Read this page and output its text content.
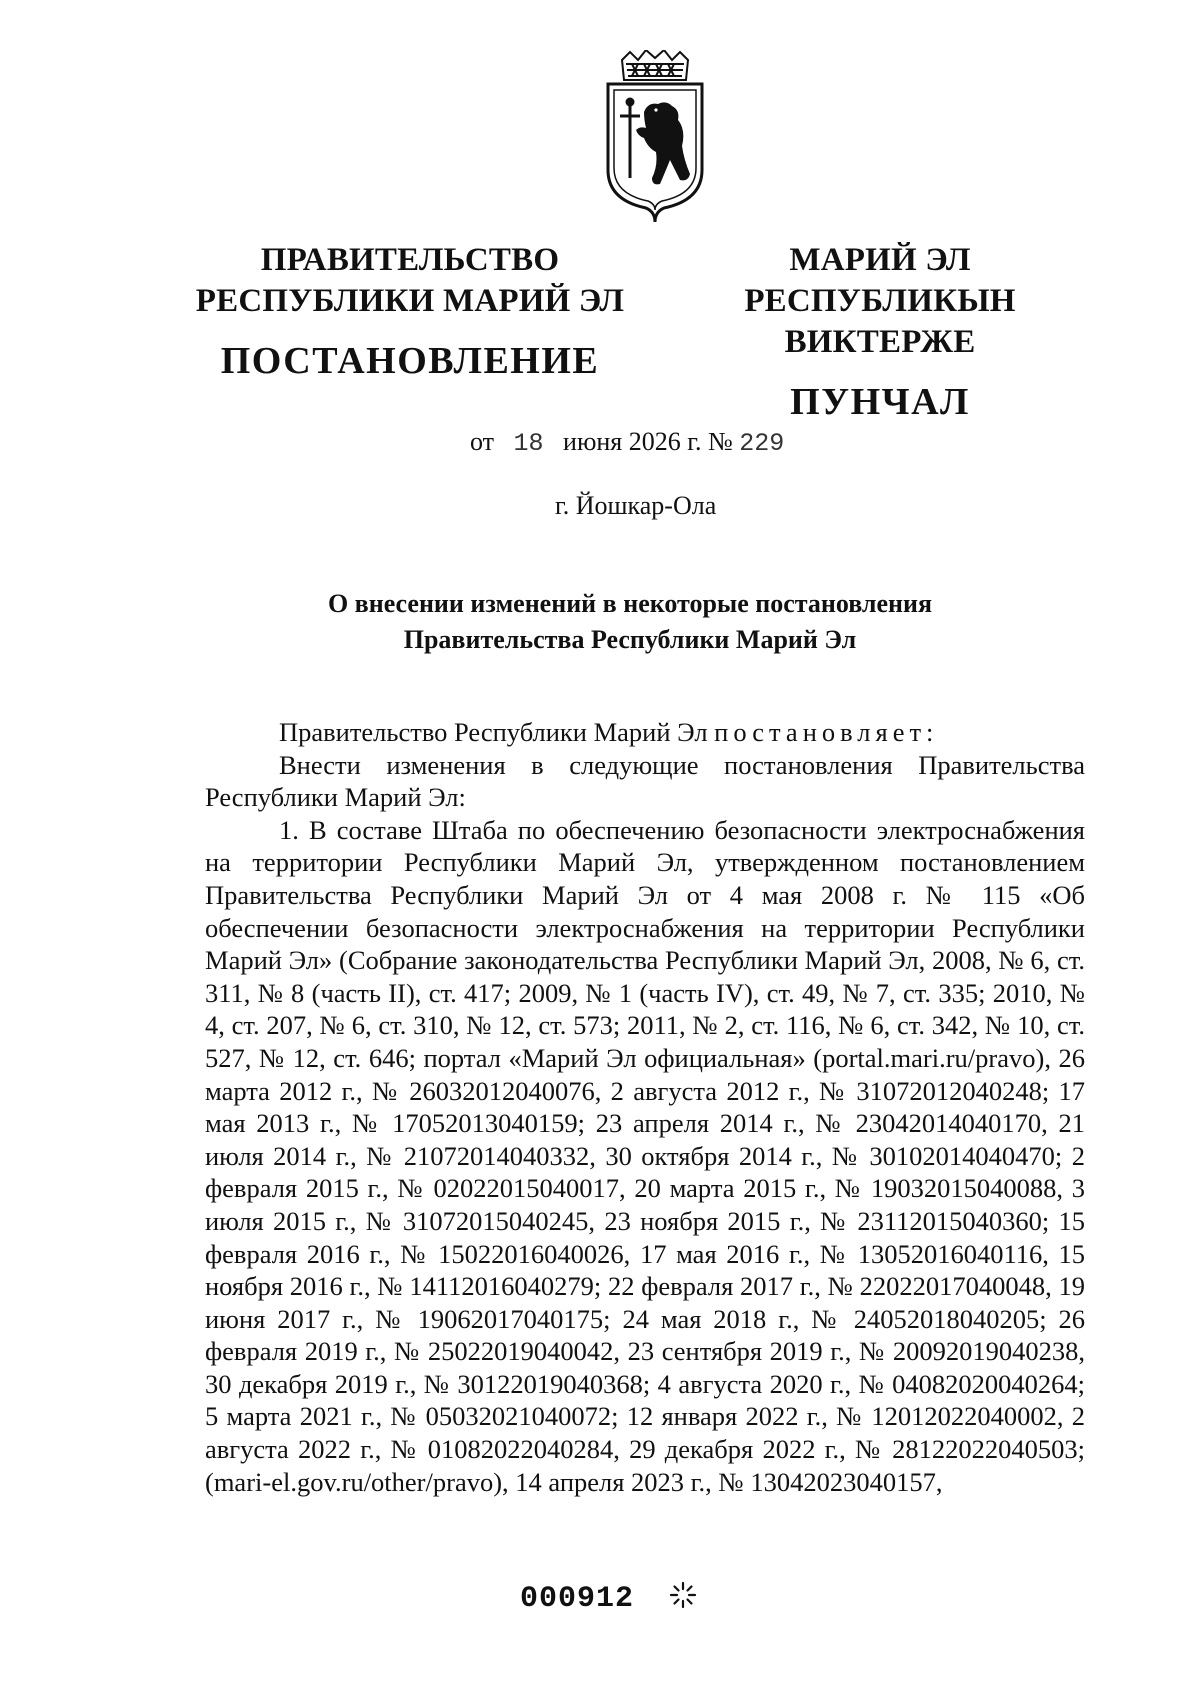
ПРАВИТЕЛЬСТВО
РЕСПУБЛИКИ МАРИЙ ЭЛ
ПОСТАНОВЛЕНИЕ
МАРИЙ ЭЛ РЕСПУБЛИКЫН
ВИКТЕРЖЕ
ПУНЧАЛ
от 18 июня 2026 г. № 229
г. Йошкар-Ола
О внесении изменений в некоторые постановления
Правительства Республики Марий Эл

Правительство Республики Марий Эл постановляет:

Внести изменения в следующие постановления Правительства Республики Марий Эл:

1. В составе Штаба по обеспечению безопасности электроснабжения на территории Республики Марий Эл, утвержденном постановлением Правительства Республики Марий Эл от 4 мая 2008 г. № 115 «Об обеспечении безопасности электроснабжения на территории Республики Марий Эл» (Собрание законодательства Республики Марий Эл, 2008, № 6, ст. 311, № 8 (часть II), ст. 417; 2009, № 1 (часть IV), ст. 49, № 7, ст. 335; 2010, № 4, ст. 207, № 6, ст. 310, № 12, ст. 573; 2011, № 2, ст. 116, № 6, ст. 342, № 10, ст. 527, № 12, ст. 646; портал «Марий Эл официальная» (portal.mari.ru/pravo), 26 марта 2012 г., № 26032012040076, 2 августа 2012 г., № 31072012040248; 17 мая 2013 г., № 17052013040159; 23 апреля 2014 г., № 23042014040170, 21 июля 2014 г., № 21072014040332, 30 октября 2014 г., № 30102014040470; 2 февраля 2015 г., № 02022015040017, 20 марта 2015 г., № 19032015040088, 3 июля 2015 г., № 31072015040245, 23 ноября 2015 г., № 23112015040360; 15 февраля 2016 г., № 15022016040026, 17 мая 2016 г., № 13052016040116, 15 ноября 2016 г., № 14112016040279; 22 февраля 2017 г., № 22022017040048, 19 июня 2017 г., № 19062017040175; 24 мая 2018 г., № 24052018040205; 26 февраля 2019 г., № 25022019040042, 23 сентября 2019 г., № 20092019040238, 30 декабря 2019 г., № 30122019040368; 4 августа 2020 г., № 04082020040264; 5 марта 2021 г., № 05032021040072; 12 января 2022 г., № 12012022040002, 2 августа 2022 г., № 01082022040284, 29 декабря 2022 г., № 28122022040503; (mari-el.gov.ru/other/pravo), 14 апреля 2023 г., № 13042023040157,

000912
